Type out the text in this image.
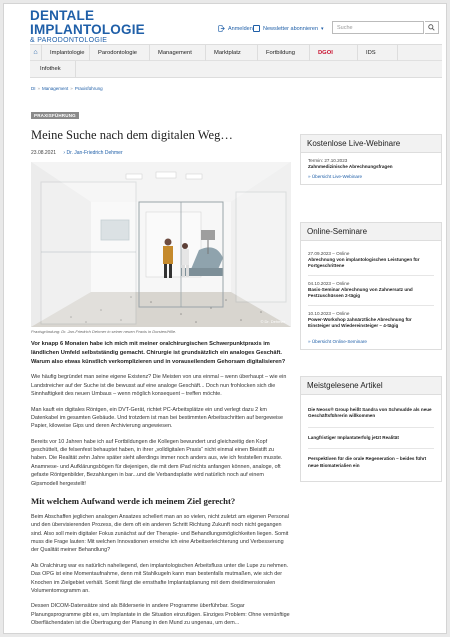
DENTALE
IMPLANTOLOGIE
& PARODONTOLOGIE
Anmelden Newsletter abonnieren ▾	Suche
⌂	Implantologie	Parodontologie	Management	Marktplatz	Fortbildung	DGOI	IDS
Infothek
DI » Management » Praxisführung
PRAXISFÜHRUNG
Meine Suche nach dem digitalen Weg…
23.08.2021 › Dr. Jan-Friedrich Dehmer
© Dr. Dehmer
Praxisgründung: Dr. Jan-Friedrich Dehmer in seiner neuen Praxis in Dorsten/Hille.

Vor knapp 6 Monaten habe ich mich mit meiner oralchirurgischen Schwerpunktpraxis im ländlichen Umfeld selbstständig gemacht. Chirurgie ist grundsätzlich ein analoges Geschäft. Warum also etwas künstlich verkomplizieren und in vorauseilendem Gehorsam digitalisieren?

Wie häufig begründet man seine eigene Existenz? Die Meisten von uns einmal – wenn überhaupt – wie ein Landstreicher auf der Suche ist die bewusst auf eine analoge Geschäft... Doch nun frohlocken sich die Sinnhaftigkeit des neuen Umbaus – wenn möglich konsequent – treffen möchte.

Man kauft ein digitales Röntgen, ein DVT-Gerät, richtet PC-Arbeitsplätze ein und verlegt dazu 2 km Datenkabel im gesamten Gebäude. Und trotzdem ist man bei bestimmten Arbeitsschritten auf bergeweise Papier, kiloweise Gips und deren Archivierung angewiesen.

Bereits vor 10 Jahren habe ich auf Fortbildungen die Kollegen bewundert und gleichzeitig den Kopf geschüttelt, die felsenfest behauptet haben, in ihrer „volldigitalen Praxis“ nicht einmal einen Bleistift zu haben. Die Realität zehn Jahre später sieht allerdings immer noch anders aus, wie ich feststellen musste. Anamnese- und Aufklärungsbögen für diejenigen, die mit dem iPad nichts anfangen können, analoge, oft gefaxte Röntgenbilder, Bezahlungen in bar...und die Verbandsplatte wird natürlich noch auf einem Gipsmodell hergestellt!

Mit welchem Aufwand werde ich meinem Ziel gerecht?

Beim Abschaffen jeglichen analogen Ansatzes schellert man an so vielen, nicht zuletzt am eigenen Personal und den übervisierenden Prozess, die dem oft ein anderen Schritt Richtung Zukunft noch nicht gegangen sind. Also soll mein digitaler Fokus zunächst auf der Therapie- und Behandlungsmöglichkeiten liegen. Somit muss die Frage lauten: Mit welchen Innovationen erreiche ich eine Arbeitserleichterung und Verbesserung der Qualität meiner Behandlung?

Als Oralchirurg war es natürlich naheliegend, den implantologischen Arbeitsfluss unter die Lupe zu nehmen. Das OPG ist eine Momentaufnahme, denn mit Stahlkugeln kann man bestenfalls mutmaßen, wie sich der Knochen im Zielgebiet verhält. Somit fängt die ernsthafte Implantatplanung mit dem dreidimensionalen Volumentomogramm an.

Dessen DICOM-Datensätze sind als Bilderserie in andere Programme überführbar. Sogar Planungsprogramme gibt es, um Implantate in die Situation einzufügen. Einziges Problem: Ohne vernünftige Oberflächendaten ist die Übertragung der Planung in den Mund zu ungenau, um dem...

Kostenlose Live-Webinare
Termin: 27.10.2023
Zahnmedizinische Abrechnungsfragen
» Übersicht Live-Webinare
Online-Seminare
27.09.2023 – Online
Abrechnung von implantologischen Leistungen für Fortgeschrittene
04.10.2023 – Online
Basis-Seminar Abrechnung von Zahnersatz und Festzuschüssen 2-tägig
10.10.2023 – Online
Power-Workshop zahnärztliche Abrechnung für Einsteiger und Wiedereinsteiger – 4-tägig
» Übersicht Online-Seminare
Meistgelesene Artikel
Die Neoss® Group heißt Sandra von Schmudde als neue Geschäftsführerin willkommen
Langfristiger Implantaterfolg jetzt Realität
Perspektiven für die orale Regeneration – beides führt neue Biomaterialien ein
